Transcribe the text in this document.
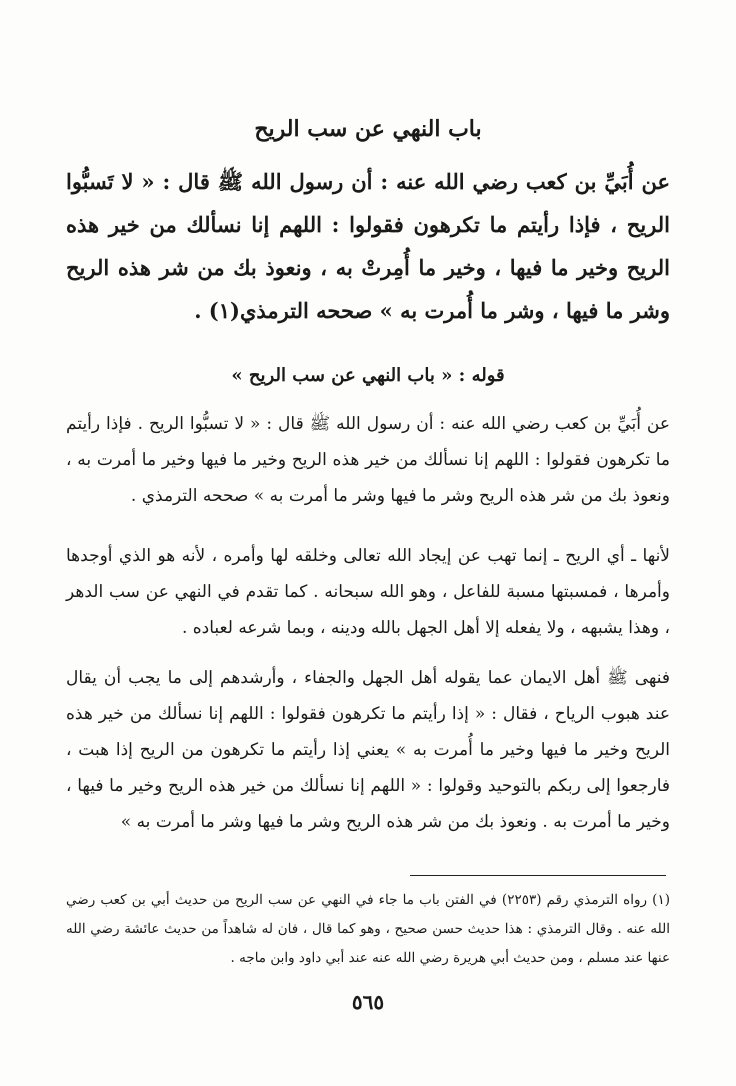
باب النهي عن سب الريح

عن أُبَيِّ بن كعب رضي الله عنه : أن رسول الله ﷺ قال : « لا تَسبُّوا الريح ، فإذا رأيتم ما تكرهون فقولوا : اللهم إنا نسألك من خير هذه الريح وخير ما فيها ، وخير ما أُمِرتْ به ، ونعوذ بك من شر هذه الريح وشر ما فيها ، وشر ما أُمرت به » صححه الترمذي(١) .

قوله : « باب النهي عن سب الريح »

عن أُبَيِّ بن كعب رضي الله عنه : أن رسول الله ﷺ قال : « لا تسبُّوا الريح . فإذا رأيتم ما تكرهون فقولوا : اللهم إنا نسألك من خير هذه الريح وخير ما فيها وخير ما أمرت به ، ونعوذ بك من شر هذه الريح وشر ما فيها وشر ما أمرت به » صححه الترمذي .

لأنها ـ أي الريح ـ إنما تهب عن إيجاد الله تعالى وخلقه لها وأمره ، لأنه هو الذي أوجدها وأمرها ، فمسبتها مسبة للفاعل ، وهو الله سبحانه . كما تقدم في النهي عن سب الدهر ، وهذا يشبهه ، ولا يفعله إلا أهل الجهل بالله ودينه ، وبما شرعه لعباده .

فنهى ﷺ أهل الايمان عما يقوله أهل الجهل والجفاء ، وأرشدهم إلى ما يجب أن يقال عند هبوب الرياح ، فقال : « إذا رأيتم ما تكرهون فقولوا : اللهم إنا نسألك من خير هذه الريح وخير ما فيها وخير ما أُمرت به » يعني إذا رأيتم ما تكرهون من الريح إذا هبت ، فارجعوا إلى ربكم بالتوحيد وقولوا : « اللهم إنا نسألك من خير هذه الريح وخير ما فيها ، وخير ما أمرت به . ونعوذ بك من شر هذه الريح وشر ما فيها وشر ما أمرت به »

(١) رواه الترمذي رقم (٢٢٥٣) في الفتن باب ما جاء في النهي عن سب الريح من حديث أبي بن كعب رضي الله عنه . وقال الترمذي : هذا حديث حسن صحيح ، وهو كما قال ، فان له شاهداً من حديث عائشة رضي الله عنها عند مسلم ، ومن حديث أبي هريرة رضي الله عنه عند أبي داود وابن ماجه .

٥٦٥
